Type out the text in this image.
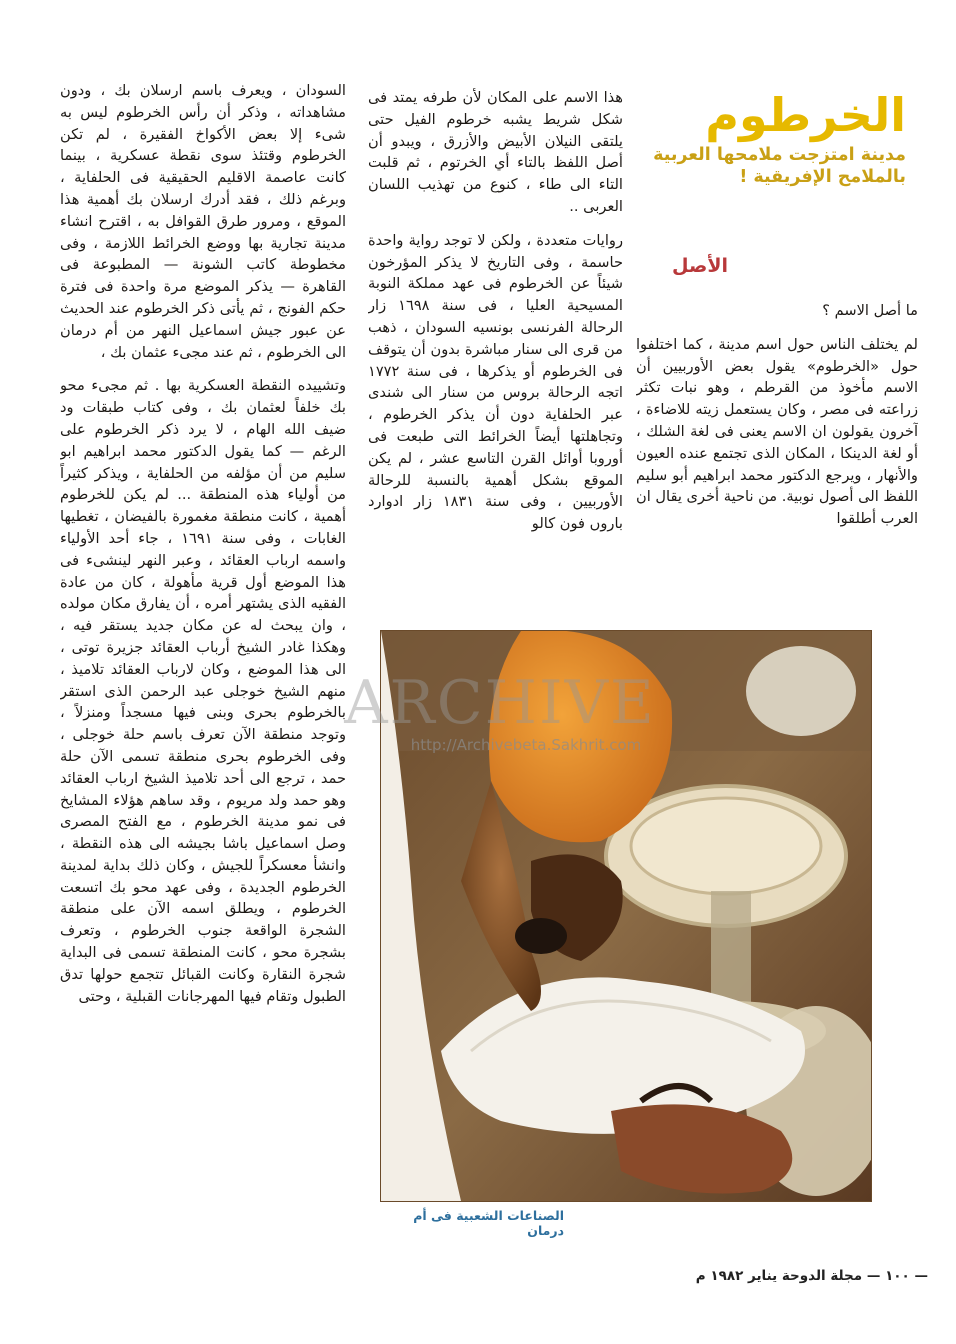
الخرطوم
مدينة امتزجت ملامحها العربية
بالملامح الإفريقية !
الأصل

ما أصل الاسم ؟

لم يختلف الناس حول اسم مدينة ، كما اختلفوا حول «الخرطوم» يقول بعض الأوربيين أن الاسم مأخوذ من القرطم ، وهو نبات تكثر زراعته فى مصر ، وكان يستعمل زيته للاضاءة ، آخرون يقولون ان الاسم يعنى فى لغة الشلك ، أو لغة الدينكا ، المكان الذى تجتمع عنده العيون والأنهار ، ويرجع الدكتور محمد ابراهيم أبو سليم اللفظ الى أصول نوبية. من ناحية أخرى يقال ان العرب أطلقوا

هذا الاسم على المكان لأن طرفه يمتد فى شكل شريط يشبه خرطوم الفيل حتى يلتقى النيلان الأبيض والأزرق ، ويبدو أن أصل اللفظ بالتاء أي الخرتوم ، ثم قلبت التاء الى طاء ، كنوع من تهذيب اللسان العربى ..

روايات متعددة ، ولكن لا توجد رواية واحدة حاسمة ، وفى التاريخ لا يذكر المؤرخون شيئاً عن الخرطوم فى عهد مملكة النوبة المسيحية العليا ، فى سنة ١٦٩٨ زار الرحالة الفرنسى بونسيه السودان ، ذهب من قرى الى سنار مباشرة بدون أن يتوقف فى الخرطوم أو يذكرها ، فى سنة ١٧٧٢ اتجه الرحالة بروس من سنار الى شندى عبر الحلفاية دون أن يذكر الخرطوم ، وتجاهلتها أيضاً الخرائط التى طبعت فى أوروبا أوائل القرن التاسع عشر ، لم يكن الموقع بشكل أهمية بالنسبة للرحالة الأوربيين ، وفى سنة ١٨٣١ زار ادوارد باروں فون كالو

السودان ، ويعرف باسم ارسلان بك ، ودون مشاهداته ، وذكر أن رأس الخرطوم ليس به شىء إلا بعض الأكواخ الفقيرة ، لم تكن الخرطوم وقتئذ سوى نقطة عسكرية ، بينما كانت عاصمة الاقليم الحقيقية فى الحلفاية ، وبرغم ذلك ، فقد أدرك ارسلان بك أهمية هذا الموقع ، ومرور طرق القوافل به ، اقترح انشاء مدينة تجارية بها ووضع الخرائط اللازمة ، وفى مخطوطة كاتب الشونة — المطبوعة فى القاهرة — يذكر الموضع مرة واحدة فى فترة حكم الفونج ، ثم يأتى ذكر الخرطوم عند الحديث عن عبور جيش اسماعيل النهر من أم درمان الى الخرطوم ، ثم عند مجىء عثمان بك ،

وتشييده النقطة العسكرية بها . ثم مجىء محو بك خلفاً لعثمان بك ، وفى كتاب طبقات ود ضيف الله الهام ، لا يرد ذكر الخرطوم على الرغم — كما يقول الدكتور محمد ابراهيم ابو سليم من أن مؤلفه من الحلفاية ، ويذكر كثيراً من أولياء هذه المنطقة ... لم يكن للخرطوم أهمية ، كانت منطقة مغمورة بالفيضان ، تغطيها الغابات ، وفى سنة ١٦٩١ ، جاء أحد الأولياء واسمه ارباب العقائد ، وعبر النهر لينشىء فى هذا الموضع أول قرية مأهولة ، كان من عادة الفقيه الذى يشتهر أمره ، أن يفارق مكان مولده ، وان يبحث له عن مكان جديد يستقر فيه ، وهكذا غادر الشيخ أرباب العقائد جزيرة توتى ، الى هذا الموضع ، وكان لارباب العقائد تلاميذ ، منهم الشيخ خوجلى عبد الرحمن الذى استقر بالخرطوم بحرى وبنى فيها مسجداً ومنزلاً ، وتوجد منطقة الآن تعرف باسم حلة خوجلى ، وفى الخرطوم بحرى منطقة تسمى الآن حلة حمد ، ترجع الى أحد تلاميذ الشيخ ارباب العقائد وهو حمد ولد مريوم ، وقد ساهم هؤلاء المشايخ فى نمو مدينة الخرطوم ، مع الفتح المصرى وصل اسماعيل باشا بجيشه الى هذه النقطة ، وانشأ معسكراً للجيش ، وكان ذلك بداية لمدينة الخرطوم الجديدة ، وفى عهد محو بك اتسعت الخرطوم ، ويطلق اسمه الآن على منطقة الشجرة الواقعة جنوب الخرطوم ، وتعرف بشجرة محو ، كانت المنطقة تسمى فى البداية شجرة النقارة وكانت القبائل تتجمع حولها تدق الطبول وتقام فيها المهرجانات القبلية ، وحتى

الصناعات الشعبية فى أم درمان
ARCHIVE
http://Archivebeta.Sakhrit.com
— ١٠٠ — مجلة الدوحة يناير ١٩٨٢ م
